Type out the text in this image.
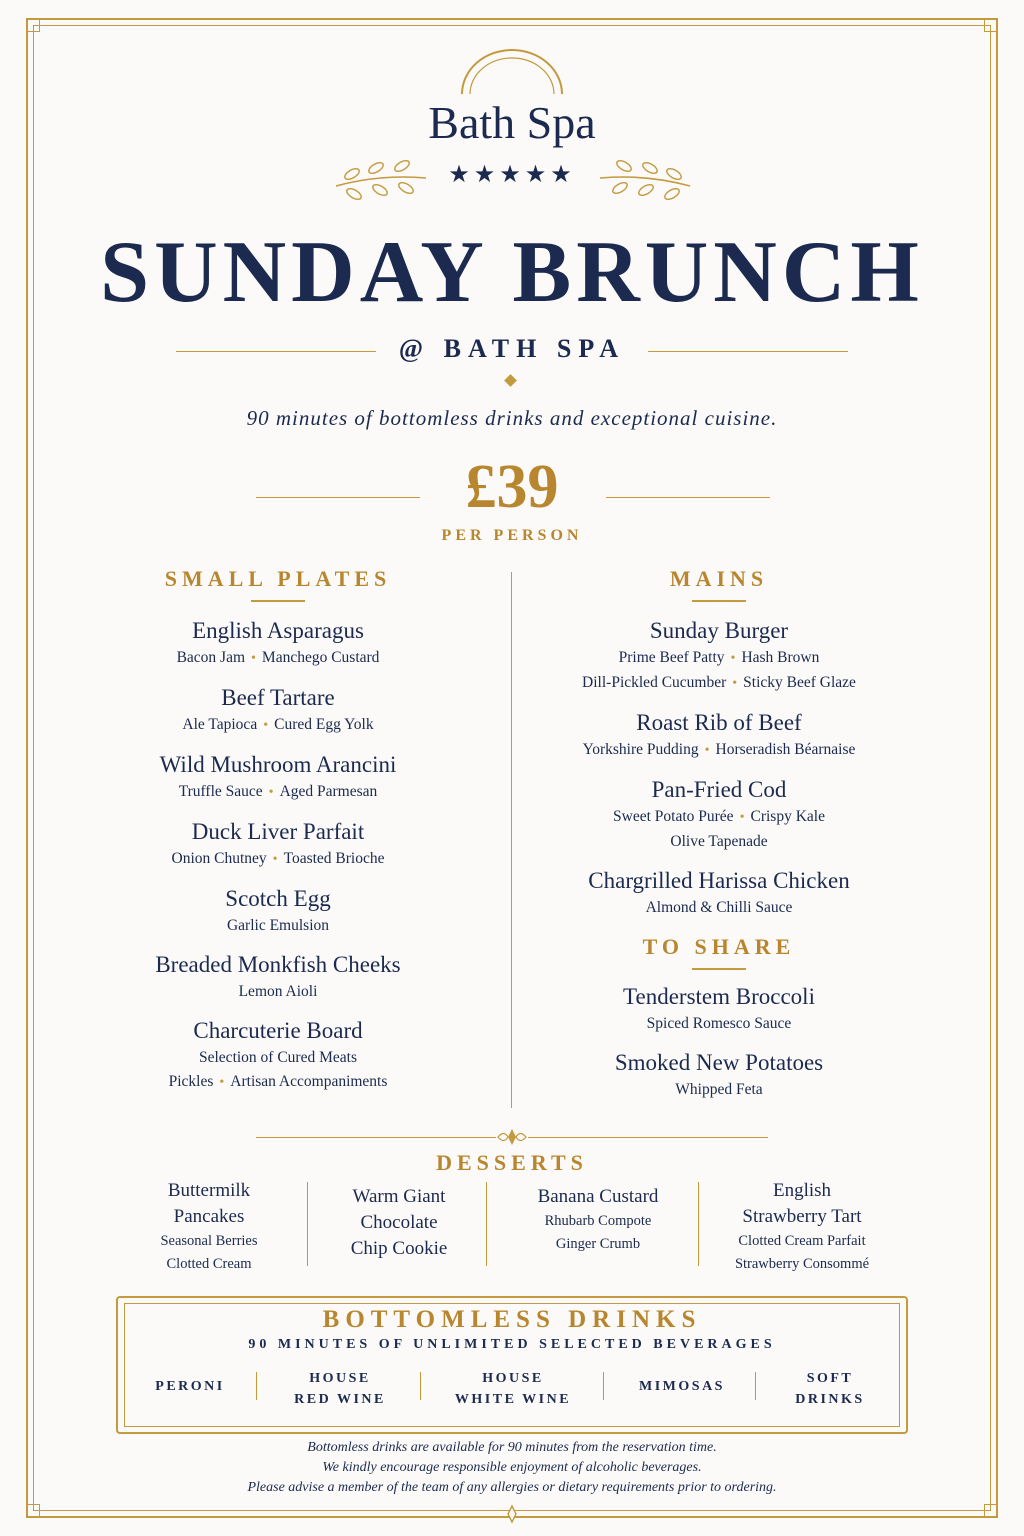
Bath Spa
★★★★★
SUNDAY BRUNCH
@ BATH SPA
90 minutes of bottomless drinks and exceptional cuisine.
£39
PER PERSON
SMALL PLATES
English Asparagus
Bacon Jam • Manchego Custard
Beef Tartare
Ale Tapioca • Cured Egg Yolk
Wild Mushroom Arancini
Truffle Sauce • Aged Parmesan
Duck Liver Parfait
Onion Chutney • Toasted Brioche
Scotch Egg
Garlic Emulsion
Breaded Monkfish Cheeks
Lemon Aioli
Charcuterie Board
Selection of Cured Meats
Pickles • Artisan Accompaniments
MAINS
Sunday Burger
Prime Beef Patty • Hash Brown
Dill-Pickled Cucumber • Sticky Beef Glaze
Roast Rib of Beef
Yorkshire Pudding • Horseradish Béarnaise
Pan-Fried Cod
Sweet Potato Purée • Crispy Kale
Olive Tapenade
Chargrilled Harissa Chicken
Almond & Chilli Sauce
TO SHARE
Tenderstem Broccoli
Spiced Romesco Sauce
Smoked New Potatoes
Whipped Feta
DESSERTS
Buttermilk
Pancakes
Seasonal Berries
Clotted Cream
Warm Giant
Chocolate
Chip Cookie
Banana Custard
Rhubarb Compote
Ginger Crumb
English
Strawberry Tart
Clotted Cream Parfait
Strawberry Consommé
BOTTOMLESS DRINKS
90 MINUTES OF UNLIMITED SELECTED BEVERAGES
PERONI
HOUSE
RED WINE
HOUSE
WHITE WINE
MIMOSAS
SOFT
DRINKS
Bottomless drinks are available for 90 minutes from the reservation time.
We kindly encourage responsible enjoyment of alcoholic beverages.
Please advise a member of the team of any allergies or dietary requirements prior to ordering.
